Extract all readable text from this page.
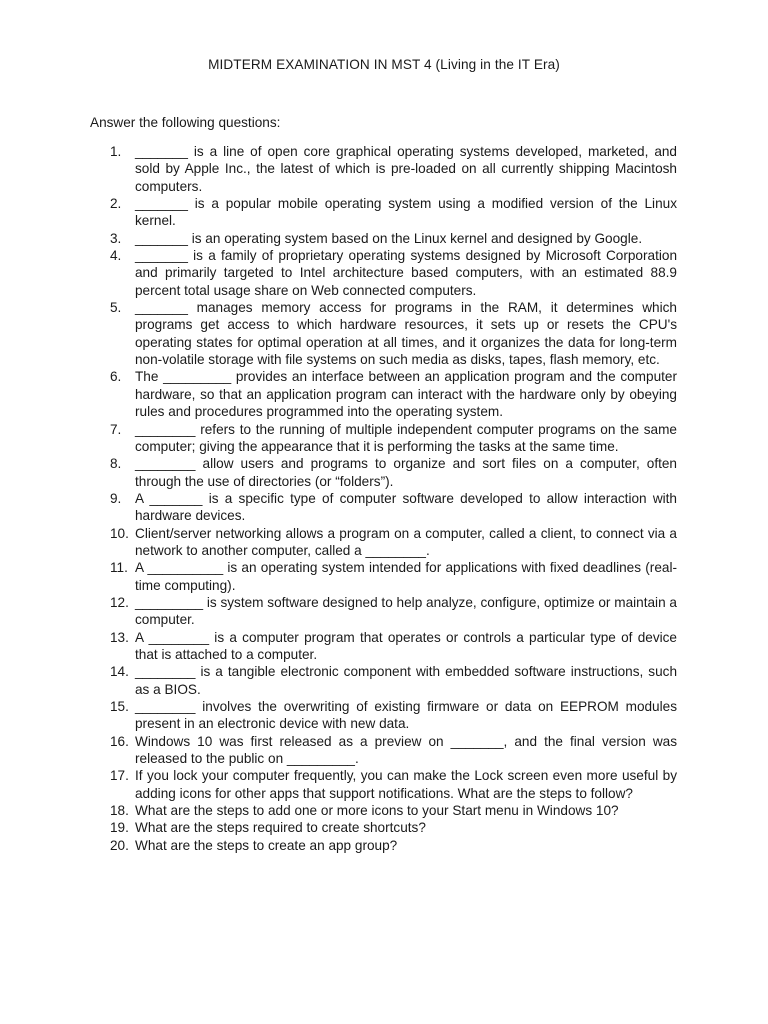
MIDTERM EXAMINATION IN MST 4 (Living in the IT Era)
Answer the following questions:
1. _______ is a line of open core graphical operating systems developed, marketed, and sold by Apple Inc., the latest of which is pre-loaded on all currently shipping Macintosh computers.
2. _______ is a popular mobile operating system using a modified version of the Linux kernel.
3. _______ is an operating system based on the Linux kernel and designed by Google.
4. _______ is a family of proprietary operating systems designed by Microsoft Corporation and primarily targeted to Intel architecture based computers, with an estimated 88.9 percent total usage share on Web connected computers.
5. _______ manages memory access for programs in the RAM, it determines which programs get access to which hardware resources, it sets up or resets the CPU's operating states for optimal operation at all times, and it organizes the data for long-term non-volatile storage with file systems on such media as disks, tapes, flash memory, etc.
6. The _________ provides an interface between an application program and the computer hardware, so that an application program can interact with the hardware only by obeying rules and procedures programmed into the operating system.
7. ________ refers to the running of multiple independent computer programs on the same computer; giving the appearance that it is performing the tasks at the same time.
8. ________ allow users and programs to organize and sort files on a computer, often through the use of directories (or “folders”).
9. A _______ is a specific type of computer software developed to allow interaction with hardware devices.
10. Client/server networking allows a program on a computer, called a client, to connect via a network to another computer, called a ________.
11. A __________ is an operating system intended for applications with fixed deadlines (real-time computing).
12. _________ is system software designed to help analyze, configure, optimize or maintain a computer.
13. A ________ is a computer program that operates or controls a particular type of device that is attached to a computer.
14. ________ is a tangible electronic component with embedded software instructions, such as a BIOS.
15. ________ involves the overwriting of existing firmware or data on EEPROM modules present in an electronic device with new data.
16. Windows 10 was first released as a preview on _______, and the final version was released to the public on _________.
17. If you lock your computer frequently, you can make the Lock screen even more useful by adding icons for other apps that support notifications. What are the steps to follow?
18. What are the steps to add one or more icons to your Start menu in Windows 10?
19. What are the steps required to create shortcuts?
20. What are the steps to create an app group?
